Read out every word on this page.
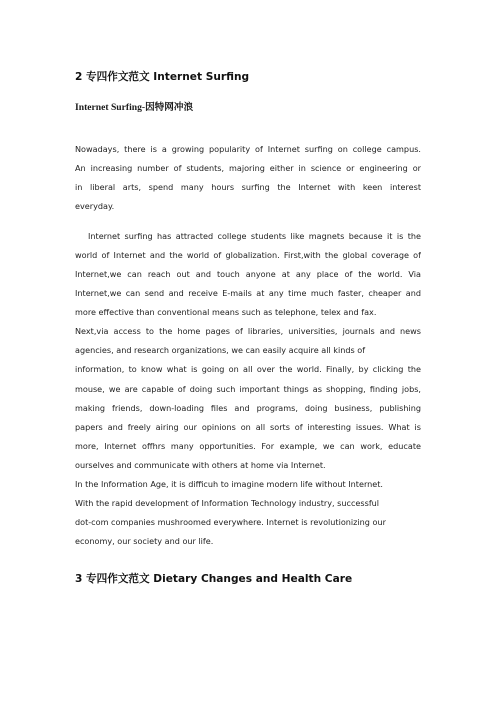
2 专四作文范文 Internet Surfing
Internet Surfing-因特网冲浪
Nowadays, there is a growing popularity of Internet surfing on college campus.
An increasing number of students, majoring either in science or engineering or
in liberal arts, spend many hours surfing the Internet with keen interest
everyday.
Internet surfing has attracted college students like magnets because it is the
world of Internet and the world of globalization. First,with the global coverage of
Internet,we can reach out and touch anyone at any place of the world. Via
Internet,we can send and receive E-mails at any time much faster, cheaper and
more effective than conventional means such as telephone, telex and fax.
Next,via access to the home pages of libraries, universities, journals and news
agencies, and research organizations, we can easily acquire all kinds of
information, to know what is going on all over the world. Finally, by clicking the
mouse, we are capable of doing such important things as shopping, finding jobs,
making friends, down-loading files and programs, doing business, publishing
papers and freely airing our opinions on all sorts of interesting issues. What is
more, Internet offhrs many opportunities. For example, we can work, educate
ourselves and communicate with others at home via Internet.
In the Information Age, it is difficuh to imagine modern life without Internet.
With the rapid development of Information Technology industry, successful
dot-com companies mushroomed everywhere. Internet is revolutionizing our
economy, our society and our life.
3 专四作文范文 Dietary Changes and Health Care
